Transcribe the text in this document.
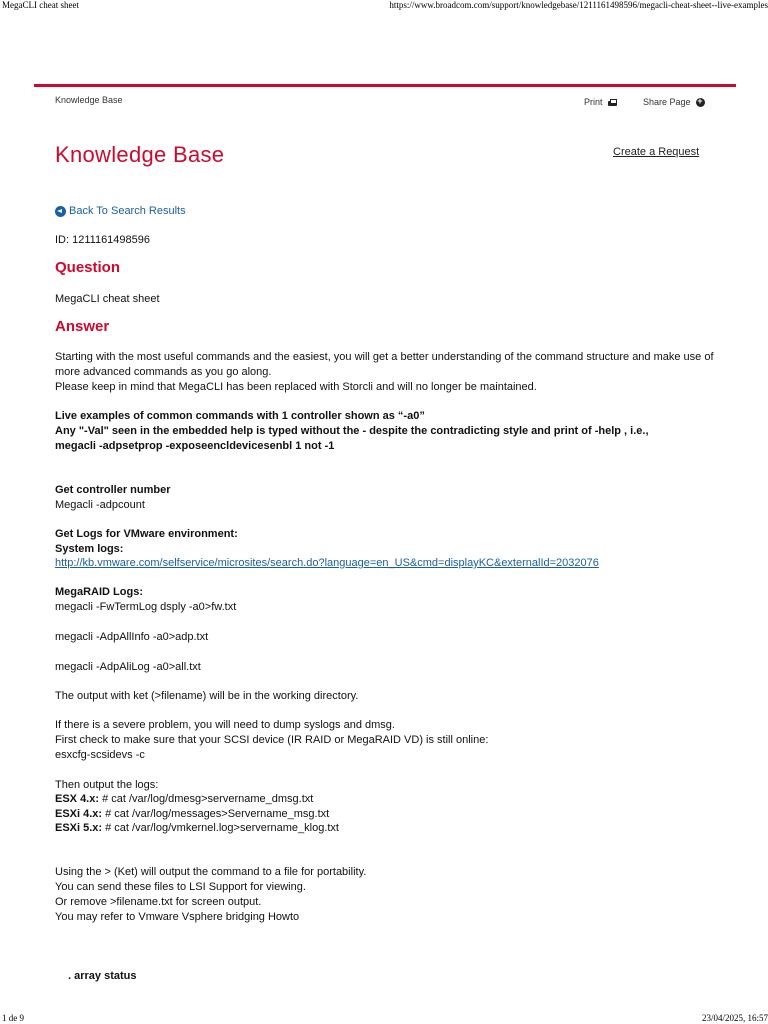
MegaCLI cheat sheet	https://www.broadcom.com/support/knowledgebase/1211161498596/megacli-cheat-sheet--live-examples
Knowledge Base	Print	Share Page
+
Knowledge Base	Create a Request
Back To Search Results
ID: 1211161498596
Question
MegaCLI cheat sheet
Answer
Starting with the most useful commands and the easiest, you will get a better understanding of the command structure and make use of
more advanced commands as you go along.
Please keep in mind that MegaCLI has been replaced with Storcli and will no longer be maintained.
Live examples of common commands with 1 controller shown as “-a0”
Any "-Val" seen in the embedded help is typed without the - despite the contradicting style and print of -help , i.e.,
megacli -adpsetprop -exposeencldevicesenbl 1 not -1
Get controller number
Megacli -adpcount
Get Logs for VMware environment:
System logs:
http://kb.vmware.com/selfservice/microsites/search.do?language=en_US&cmd=displayKC&externalId=2032076
MegaRAID Logs:
megacli -FwTermLog dsply -a0>fw.txt
megacli -AdpAllInfo -a0>adp.txt
megacli -AdpAliLog -a0>all.txt
The output with ket (>filename) will be in the working directory.
If there is a severe problem, you will need to dump syslogs and dmsg.
First check to make sure that your SCSI device (IR RAID or MegaRAID VD) is still online:
esxcfg-scsidevs -c
Then output the logs:
ESX 4.x: # cat /var/log/dmesg>servername_dmsg.txt
ESXi 4.x: # cat /var/log/messages>Servername_msg.txt
ESXi 5.x: # cat /var/log/vmkernel.log>servername_klog.txt
Using the > (Ket) will output the command to a file for portability.
You can send these files to LSI Support for viewing.
Or remove >filename.txt for screen output.
You may refer to Vmware Vsphere bridging Howto
. array status
1 de 9	23/04/2025, 16:57
